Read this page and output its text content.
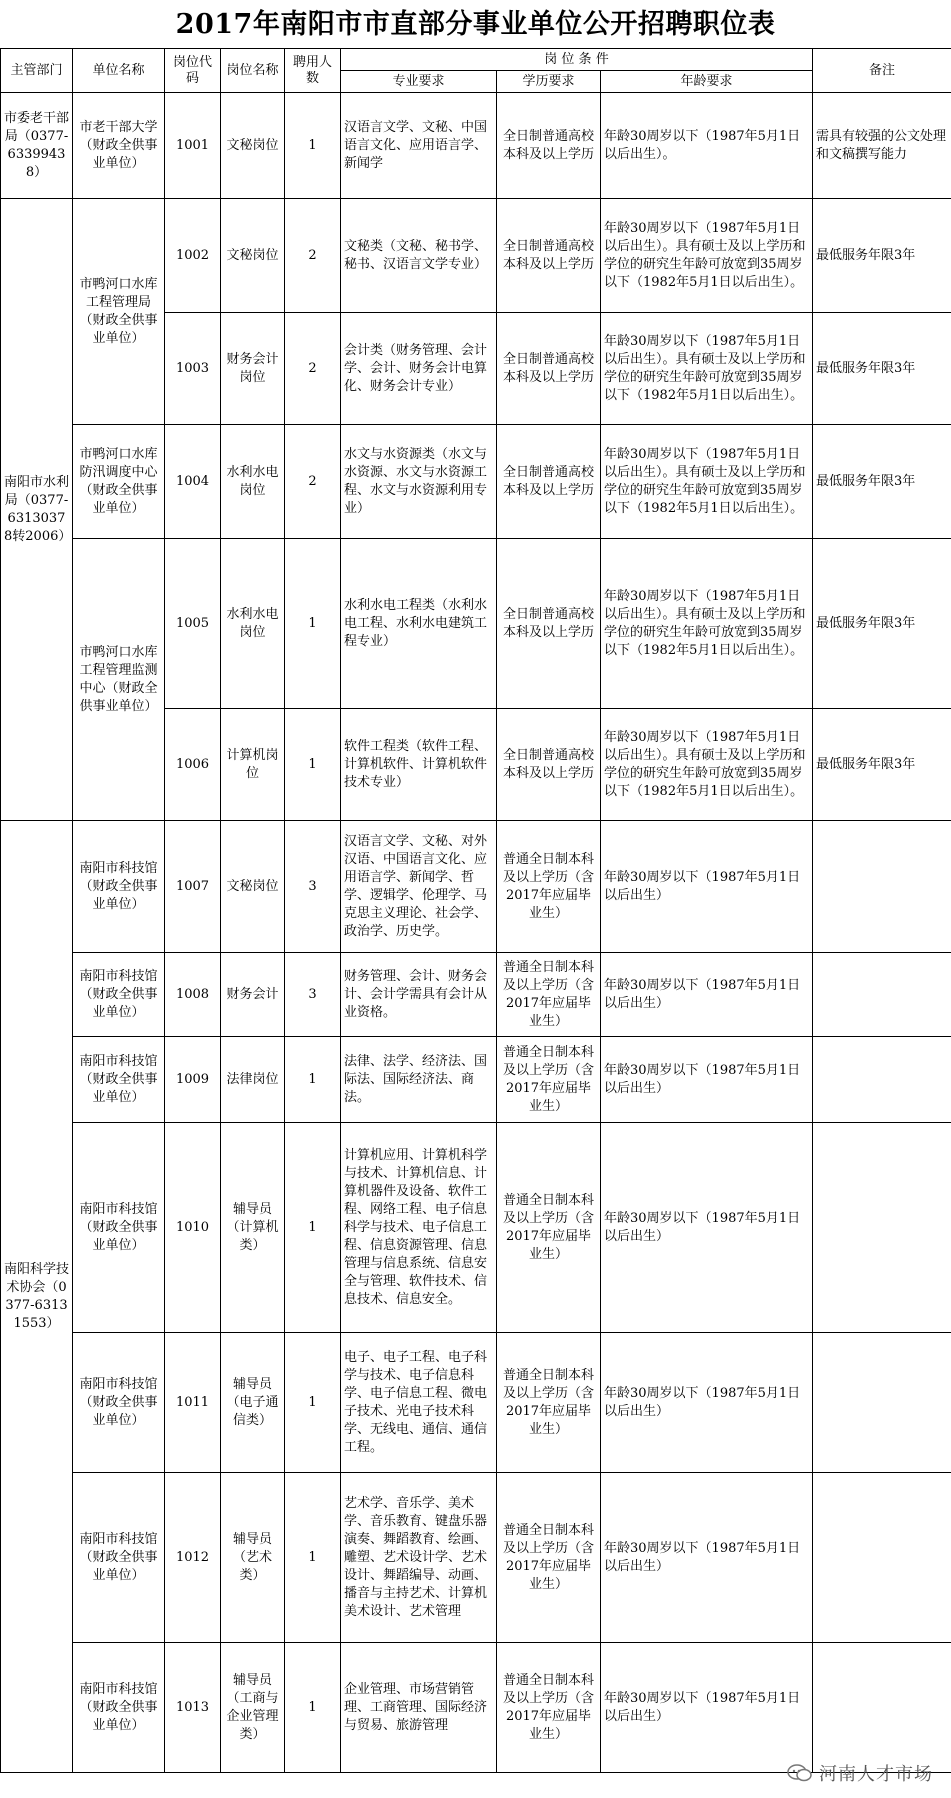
2017年南阳市市直部分事业单位公开招聘职位表
主管部门	单位名称	岗位代码	岗位名称	聘用人数	岗 位 条 件			备注
					专业要求	学历要求	年龄要求	
市委老干部局（0377-63399438）	市老干部大学（财政全供事业单位）	1001	文秘岗位	1	汉语言文学、文秘、中国语言文化、应用语言学、新闻学	全日制普通高校本科及以上学历	年龄30周岁以下（1987年5月1日以后出生）。	需具有较强的公文处理和文稿撰写能力
南阳市水利局（0377-63130378转2006）	市鸭河口水库工程管理局（财政全供事业单位）	1002	文秘岗位	2	文秘类（文秘、秘书学、秘书、汉语言文学专业）	全日制普通高校本科及以上学历	年龄30周岁以下（1987年5月1日以后出生）。具有硕士及以上学历和学位的研究生年龄可放宽到35周岁以下（1982年5月1日以后出生）。	最低服务年限3年
		1003	财务会计岗位	2	会计类（财务管理、会计学、会计、财务会计电算化、财务会计专业）	全日制普通高校本科及以上学历	年龄30周岁以下（1987年5月1日以后出生）。具有硕士及以上学历和学位的研究生年龄可放宽到35周岁以下（1982年5月1日以后出生）。	最低服务年限3年
	市鸭河口水库防汛调度中心（财政全供事业单位）	1004	水利水电岗位	2	水文与水资源类（水文与水资源、水文与水资源工程、水文与水资源利用专业）	全日制普通高校本科及以上学历	年龄30周岁以下（1987年5月1日以后出生）。具有硕士及以上学历和学位的研究生年龄可放宽到35周岁以下（1982年5月1日以后出生）。	最低服务年限3年
	市鸭河口水库工程管理监测中心（财政全供事业单位）	1005	水利水电岗位	1	水利水电工程类（水利水电工程、水利水电建筑工程专业）	全日制普通高校本科及以上学历	年龄30周岁以下（1987年5月1日以后出生）。具有硕士及以上学历和学位的研究生年龄可放宽到35周岁以下（1982年5月1日以后出生）。	最低服务年限3年
		1006	计算机岗位	1	软件工程类（软件工程、计算机软件、计算机软件技术专业）	全日制普通高校本科及以上学历	年龄30周岁以下（1987年5月1日以后出生）。具有硕士及以上学历和学位的研究生年龄可放宽到35周岁以下（1982年5月1日以后出生）。	最低服务年限3年
南阳科学技术协会（0377-63131553）	南阳市科技馆（财政全供事业单位）	1007	文秘岗位	3	汉语言文学、文秘、对外汉语、中国语言文化、应用语言学、新闻学、哲学、逻辑学、伦理学、马克思主义理论、社会学、政治学、历史学。	普通全日制本科及以上学历（含2017年应届毕业生）	年龄30周岁以下（1987年5月1日以后出生）	
	南阳市科技馆（财政全供事业单位）	1008	财务会计	3	财务管理、会计、财务会计、会计学需具有会计从业资格。	普通全日制本科及以上学历（含2017年应届毕业生）	年龄30周岁以下（1987年5月1日以后出生）	
	南阳市科技馆（财政全供事业单位）	1009	法律岗位	1	法律、法学、经济法、国际法、国际经济法、商法。	普通全日制本科及以上学历（含2017年应届毕业生）	年龄30周岁以下（1987年5月1日以后出生）	
	南阳市科技馆（财政全供事业单位）	1010	辅导员（计算机类）	1	计算机应用、计算机科学与技术、计算机信息、计算机器件及设备、软件工程、网络工程、电子信息科学与技术、电子信息工程、信息资源管理、信息管理与信息系统、信息安全与管理、软件技术、信息技术、信息安全。	普通全日制本科及以上学历（含2017年应届毕业生）	年龄30周岁以下（1987年5月1日以后出生）	
	南阳市科技馆（财政全供事业单位）	1011	辅导员（电子通信类）	1	电子、电子工程、电子科学与技术、电子信息科学、电子信息工程、微电子技术、光电子技术科学、无线电、通信、通信工程。	普通全日制本科及以上学历（含2017年应届毕业生）	年龄30周岁以下（1987年5月1日以后出生）	
	南阳市科技馆（财政全供事业单位）	1012	辅导员（艺术类）	1	艺术学、音乐学、美术学、音乐教育、键盘乐器演奏、舞蹈教育、绘画、雕塑、艺术设计学、艺术设计、舞蹈编导、动画、播音与主持艺术、计算机美术设计、艺术管理	普通全日制本科及以上学历（含2017年应届毕业生）	年龄30周岁以下（1987年5月1日以后出生）	
	南阳市科技馆（财政全供事业单位）	1013	辅导员（工商与企业管理类）	1	企业管理、市场营销管理、工商管理、国际经济与贸易、旅游管理	普通全日制本科及以上学历（含2017年应届毕业生）	年龄30周岁以下（1987年5月1日以后出生）	
河南人才市场
